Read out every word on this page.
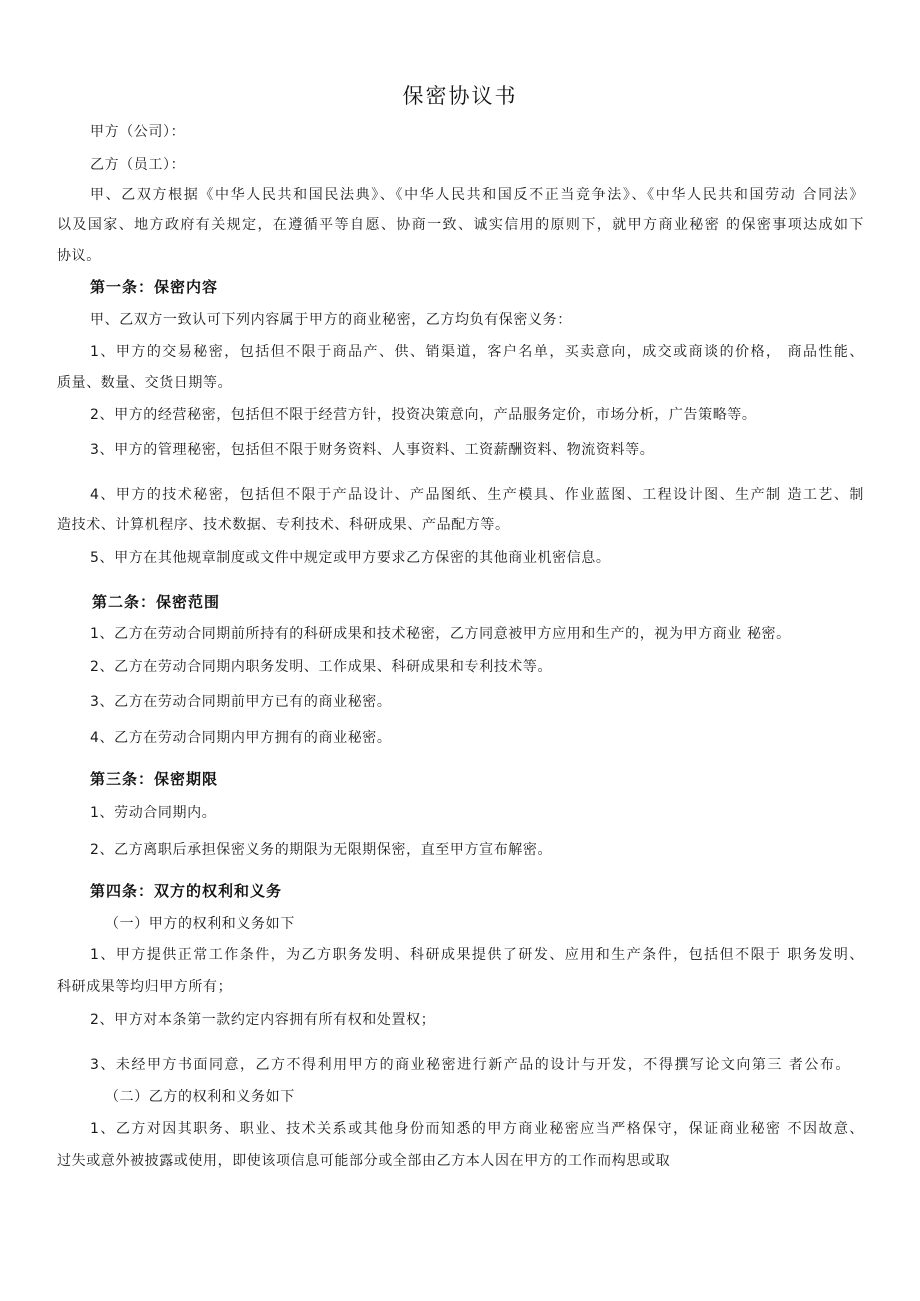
保密协议书
甲方（公司）：
乙方（员工）：
甲、乙双方根据《中华人民共和国民法典》、《中华人民共和国反不正当竞争法》、《中华人民共和国劳动 合同法》
以及国家、地方政府有关规定，在遵循平等自愿、协商一致、诚实信用的原则下，就甲方商业秘密 的保密事项达成如下
协议。
第一条：保密内容
甲、乙双方一致认可下列内容属于甲方的商业秘密，乙方均负有保密义务：
1、甲方的交易秘密，包括但不限于商品产、供、销渠道，客户名单，买卖意向，成交或商谈的价格， 商品性能、
质量、数量、交货日期等。
2、甲方的经营秘密，包括但不限于经营方针，投资决策意向，产品服务定价，市场分析，广告策略等。
3、甲方的管理秘密，包括但不限于财务资料、人事资料、工资薪酬资料、物流资料等。
4、甲方的技术秘密，包括但不限于产品设计、产品图纸、生产模具、作业蓝图、工程设计图、生产制 造工艺、制
造技术、计算机程序、技术数据、专利技术、科研成果、产品配方等。
5、甲方在其他规章制度或文件中规定或甲方要求乙方保密的其他商业机密信息。
第二条：保密范围
1、乙方在劳动合同期前所持有的科研成果和技术秘密，乙方同意被甲方应用和生产的，视为甲方商业 秘密。
2、乙方在劳动合同期内职务发明、工作成果、科研成果和专利技术等。
3、乙方在劳动合同期前甲方已有的商业秘密。
4、乙方在劳动合同期内甲方拥有的商业秘密。
第三条：保密期限
1、劳动合同期内。
2、乙方离职后承担保密义务的期限为无限期保密，直至甲方宣布解密。
第四条：双方的权利和义务
（一）甲方的权利和义务如下
1、甲方提供正常工作条件，为乙方职务发明、科研成果提供了研发、应用和生产条件，包括但不限于 职务发明、
科研成果等均归甲方所有；
2、甲方对本条第一款约定内容拥有所有权和处置权；
3、未经甲方书面同意，乙方不得利用甲方的商业秘密进行新产品的设计与开发，不得撰写论文向第三 者公布。
（二）乙方的权利和义务如下
1、乙方对因其职务、职业、技术关系或其他身份而知悉的甲方商业秘密应当严格保守，保证商业秘密 不因故意、
过失或意外被披露或使用，即使该项信息可能部分或全部由乙方本人因在甲方的工作而构思或取
